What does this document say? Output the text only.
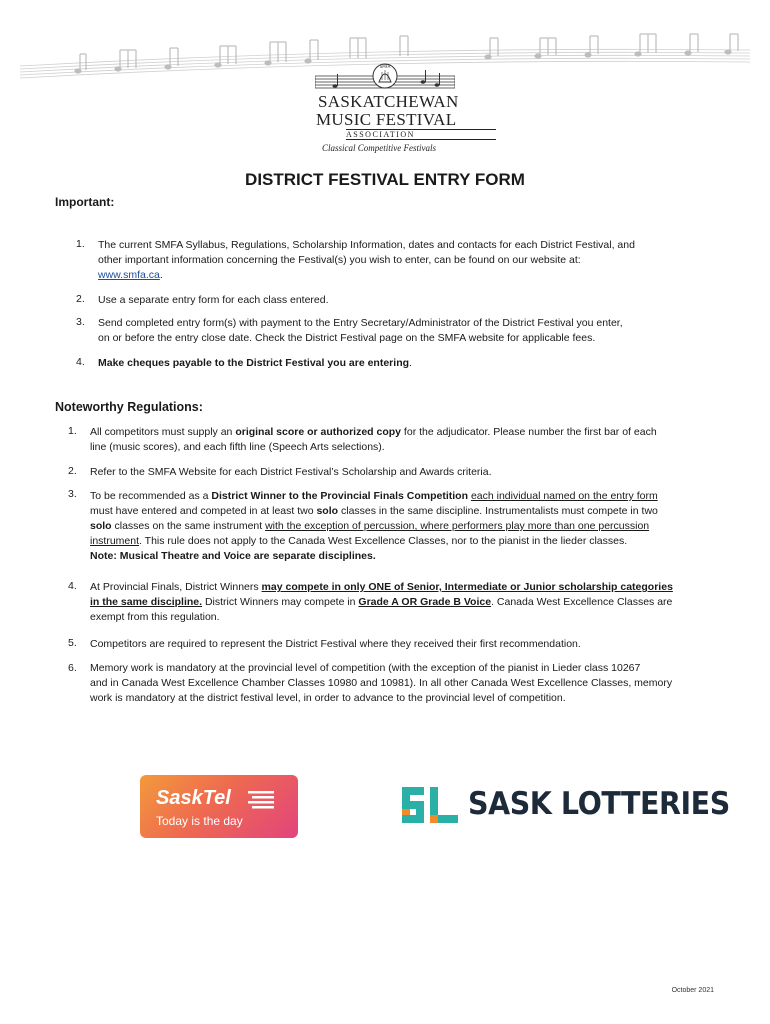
SMFA
SASKATCHEWAN
MUSIC FESTIVAL
ASSOCIATION
Classical Competitive Festivals
DISTRICT FESTIVAL ENTRY FORM
Important:
1. The current SMFA Syllabus, Regulations, Scholarship Information, dates and contacts for each District Festival, and
other important information concerning the Festival(s) you wish to enter, can be found on our website at:
www.smfa.ca.
2. Use a separate entry form for each class entered.
3. Send completed entry form(s) with payment to the Entry Secretary/Administrator of the District Festival you enter,
on or before the entry close date. Check the District Festival page on the SMFA website for applicable fees.
4. Make cheques payable to the District Festival you are entering.
Noteworthy Regulations:
1. All competitors must supply an original score or authorized copy for the adjudicator. Please number the first bar of each
line (music scores), and each fifth line (Speech Arts selections).
2. Refer to the SMFA Website for each District Festival’s Scholarship and Awards criteria.
3. To be recommended as a District Winner to the Provincial Finals Competition each individual named on the entry form
must have entered and competed in at least two solo classes in the same discipline. Instrumentalists must compete in two
solo classes on the same instrument with the exception of percussion, where performers play more than one percussion
instrument. This rule does not apply to the Canada West Excellence Classes, nor to the pianist in the lieder classes.
Note: Musical Theatre and Voice are separate disciplines.
4. At Provincial Finals, District Winners may compete in only ONE of Senior, Intermediate or Junior scholarship categories
in the same discipline. District Winners may compete in Grade A OR Grade B Voice. Canada West Excellence Classes are
exempt from this regulation.
5. Competitors are required to represent the District Festival where they received their first recommendation.
6. Memory work is mandatory at the provincial level of competition (with the exception of the pianist in Lieder class 10267
and in Canada West Excellence Chamber Classes 10980 and 10981). In all other Canada West Excellence Classes, memory
work is mandatory at the district festival level, in order to advance to the provincial level of competition.
SaskTel
Today is the day	SASK LOTTERIES
October 2021
